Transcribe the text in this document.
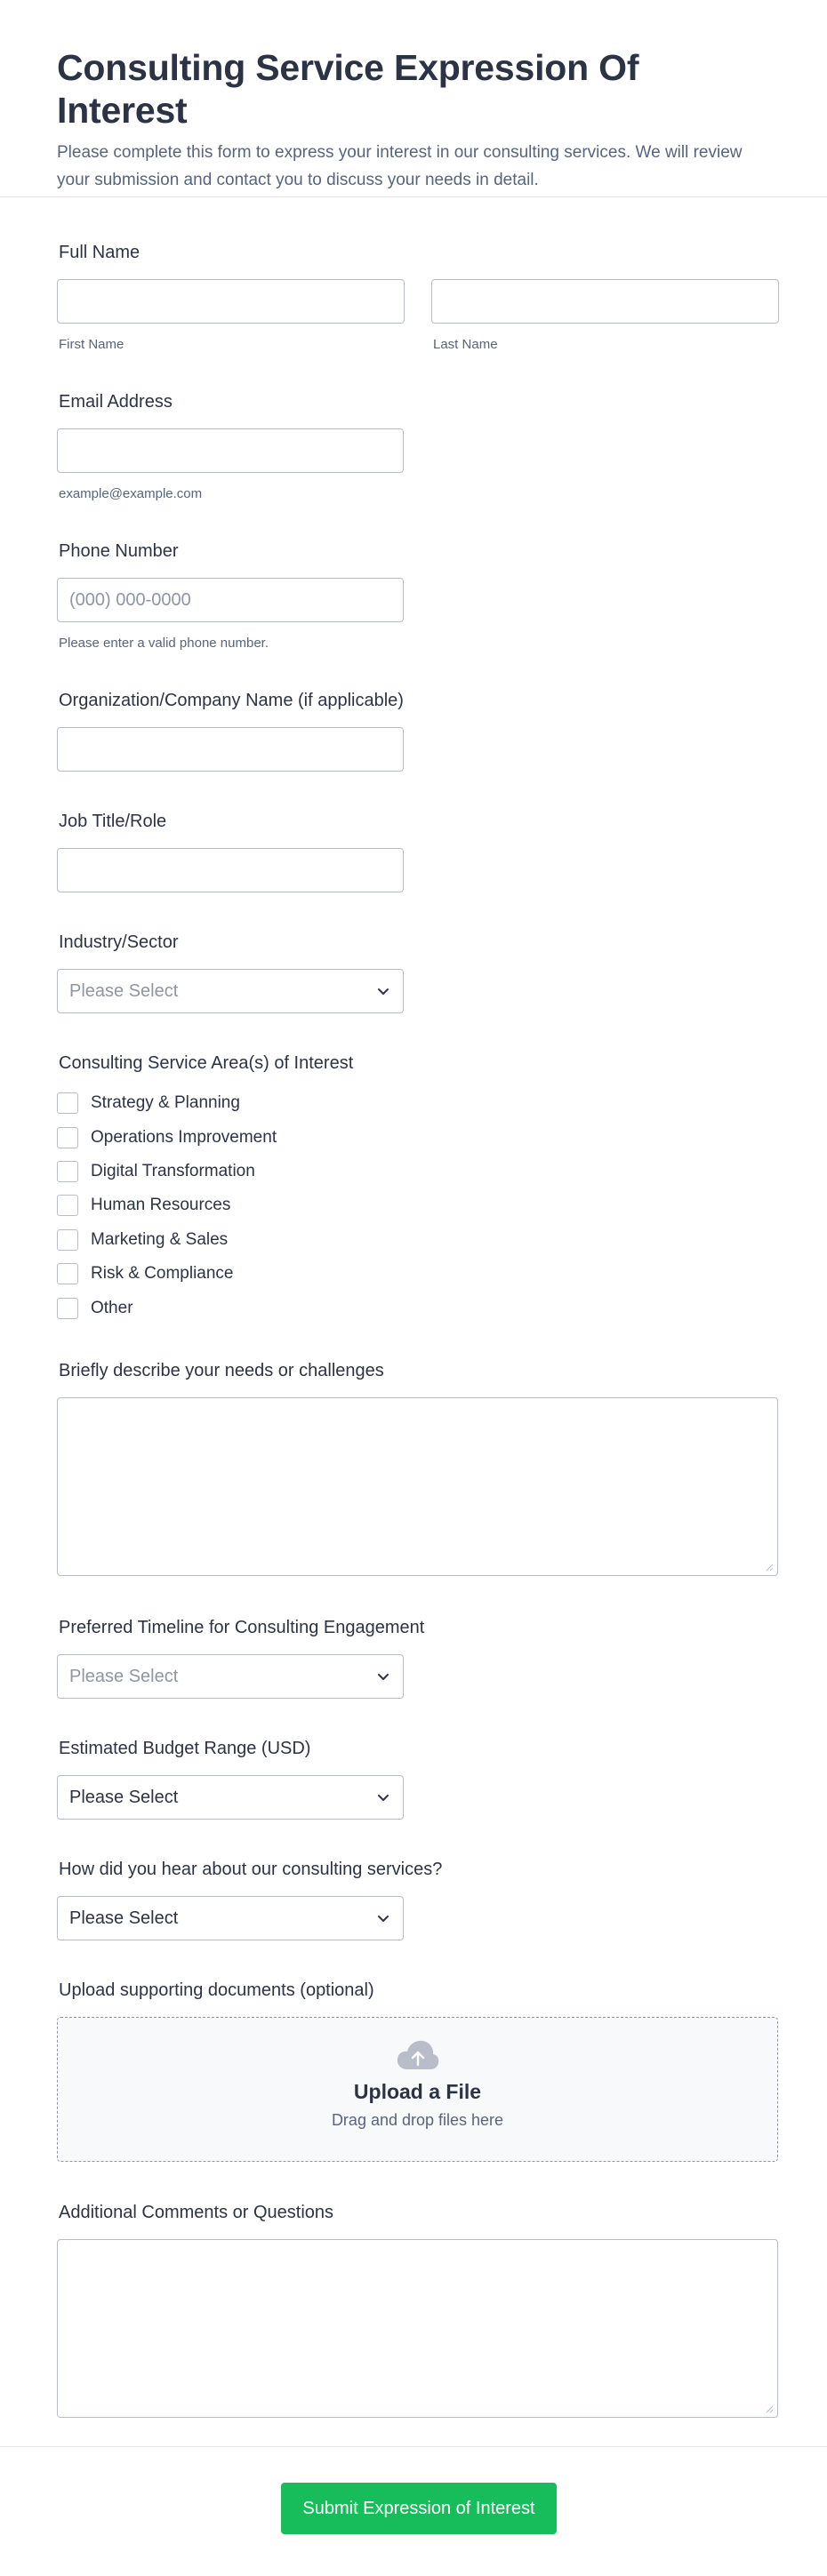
Consulting Service Expression Of Interest

Please complete this form to express your interest in our consulting services. We will review your submission and contact you to discuss your needs in detail.

Full Name
First Name	Last Name
Email Address
example@example.com
Phone Number
(000) 000-0000
Please enter a valid phone number.
Organization/Company Name (if applicable)
Job Title/Role
Industry/Sector
Please Select
Consulting Service Area(s) of Interest
Strategy & Planning
Operations Improvement
Digital Transformation
Human Resources
Marketing & Sales
Risk & Compliance
Other
Briefly describe your needs or challenges
Preferred Timeline for Consulting Engagement
Please Select
Estimated Budget Range (USD)
Please Select
How did you hear about our consulting services?
Please Select
Upload supporting documents (optional)
Upload a File
Drag and drop files here
Additional Comments or Questions
Submit Expression of Interest
